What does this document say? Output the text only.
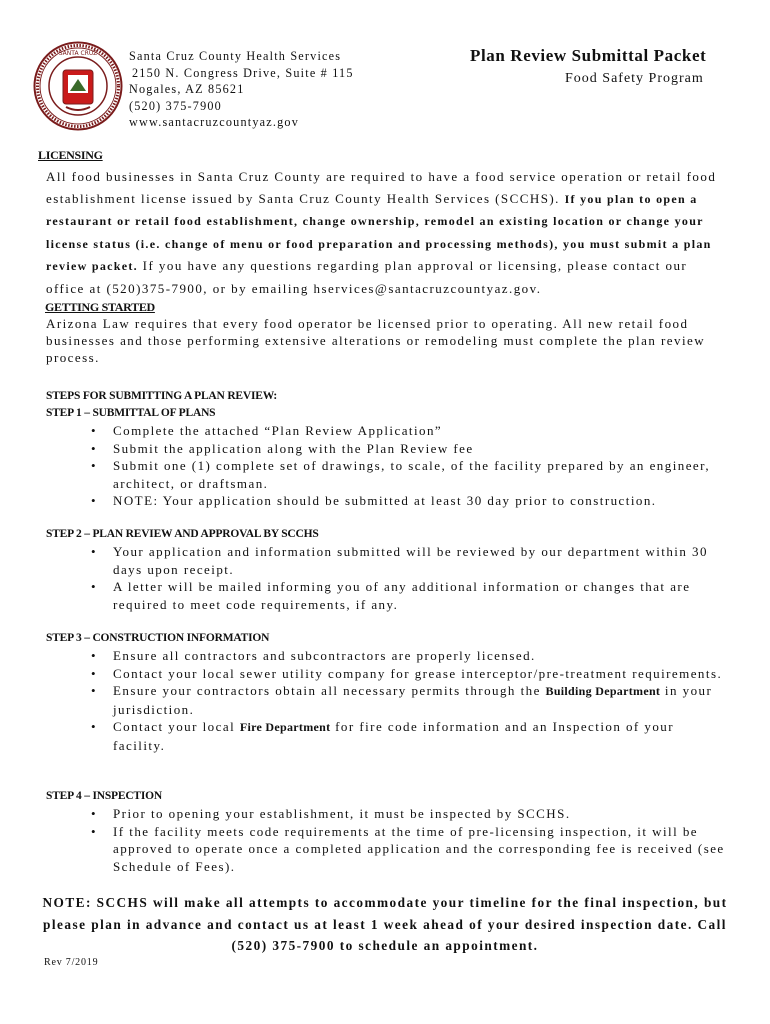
SANTA CRUZ	Santa Cruz County Health Services
2150 N. Congress Drive, Suite # 115
Nogales, AZ 85621
(520) 375-7900
www.santacruzcountyaz.gov
Plan Review Submittal Packet
Food Safety Program
LICENSING
All food businesses in Santa Cruz County are required to have a food service operation or retail food establishment license issued by Santa Cruz County Health Services (SCCHS). If you plan to open a restaurant or retail food establishment, change ownership, remodel an existing location or change your license status (i.e. change of menu or food preparation and processing methods), you must submit a plan review packet. If you have any questions regarding plan approval or licensing, please contact our office at (520)375-7900, or by emailing hservices@santacruzcountyaz.gov.
GETTING STARTED
Arizona Law requires that every food operator be licensed prior to operating. All new retail food businesses and those performing extensive alterations or remodeling must complete the plan review process.
STEPS FOR SUBMITTING A PLAN REVIEW:
STEP 1 – SUBMITTAL OF PLANS
• Complete the attached “Plan Review Application”
• Submit the application along with the Plan Review fee
• Submit one (1) complete set of drawings, to scale, of the facility prepared by an engineer, architect, or draftsman.
• NOTE: Your application should be submitted at least 30 day prior to construction.
STEP 2 – PLAN REVIEW AND APPROVAL BY SCCHS
• Your application and information submitted will be reviewed by our department within 30 days upon receipt.
• A letter will be mailed informing you of any additional information or changes that are required to meet code requirements, if any.
STEP 3 – CONSTRUCTION INFORMATION
• Ensure all contractors and subcontractors are properly licensed.
• Contact your local sewer utility company for grease interceptor/pre-treatment requirements.
• Ensure your contractors obtain all necessary permits through the Building Department in your jurisdiction.
• Contact your local Fire Department for fire code information and an Inspection of your facility.
STEP 4 – INSPECTION
• Prior to opening your establishment, it must be inspected by SCCHS.
• If the facility meets code requirements at the time of pre-licensing inspection, it will be approved to operate once a completed application and the corresponding fee is received (see Schedule of Fees).
NOTE: SCCHS will make all attempts to accommodate your timeline for the final inspection, but please plan in advance and contact us at least 1 week ahead of your desired inspection date. Call (520) 375-7900 to schedule an appointment.
Rev 7/2019
